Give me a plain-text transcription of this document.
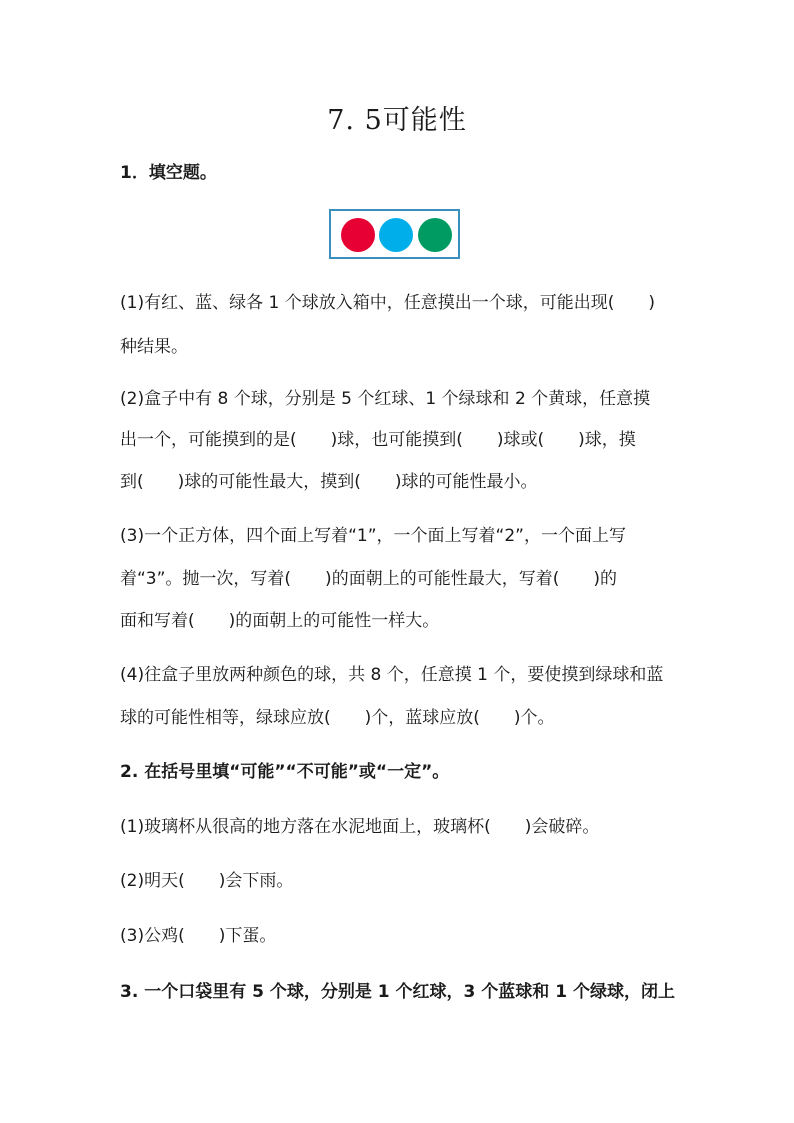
7. 5可能性
1．填空题。
(1)有红、蓝、绿各 1 个球放入箱中，任意摸出一个球，可能出现(　　)
种结果。
(2)盒子中有 8 个球，分别是 5 个红球、1 个绿球和 2 个黄球，任意摸
出一个，可能摸到的是(　　)球，也可能摸到(　　)球或(　　)球，摸
到(　　)球的可能性最大，摸到(　　)球的可能性最小。
(3)一个正方体，四个面上写着“1”，一个面上写着“2”，一个面上写
着“3”。抛一次，写着(　　)的面朝上的可能性最大，写着(　　)的
面和写着(　　)的面朝上的可能性一样大。
(4)往盒子里放两种颜色的球，共 8 个，任意摸 1 个，要使摸到绿球和蓝
球的可能性相等，绿球应放(　　)个，蓝球应放(　　)个。
2. 在括号里填“可能”“不可能”或“一定”。
(1)玻璃杯从很高的地方落在水泥地面上，玻璃杯(　　)会破碎。
(2)明天(　　)会下雨。
(3)公鸡(　　)下蛋。
3. 一个口袋里有 5 个球，分别是 1 个红球，3 个蓝球和 1 个绿球，闭上
